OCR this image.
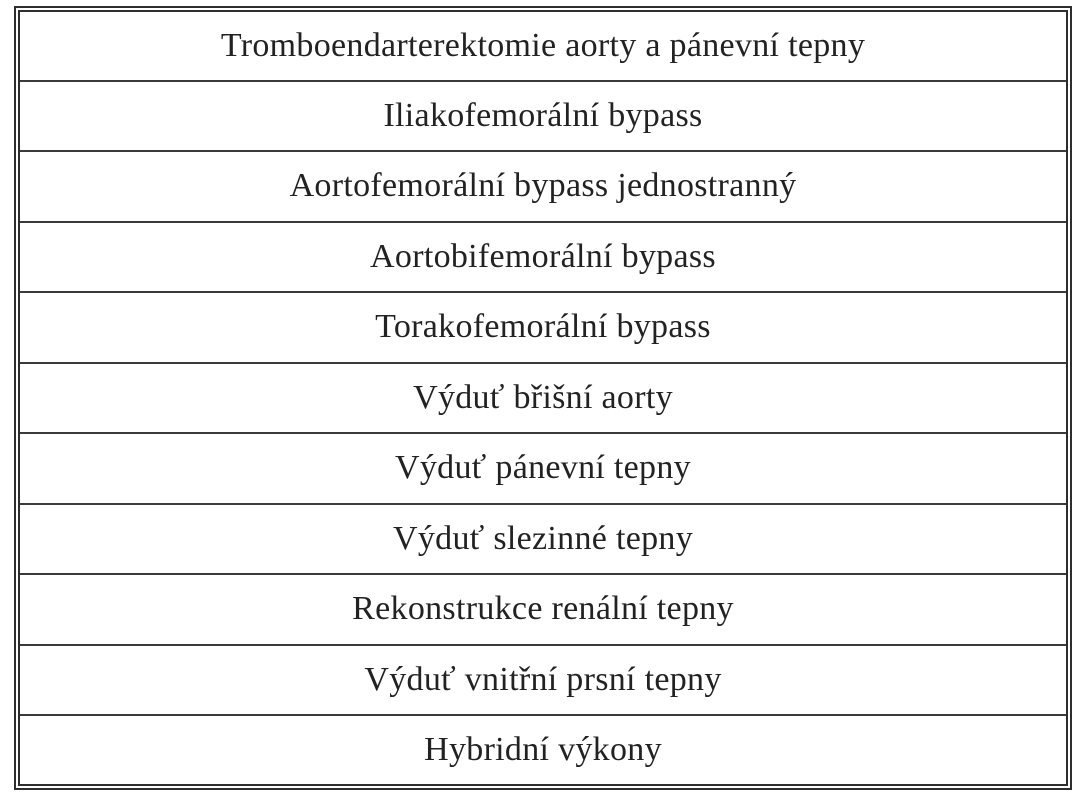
Tromboendarterektomie aorty a pánevní tepny
Iliakofemorální bypass
Aortofemorální bypass jednostranný
Aortobifemorální bypass
Torakofemorální bypass
Výduť břišní aorty
Výduť pánevní tepny
Výduť slezinné tepny
Rekonstrukce renální tepny
Výduť vnitřní prsní tepny
Hybridní výkony
